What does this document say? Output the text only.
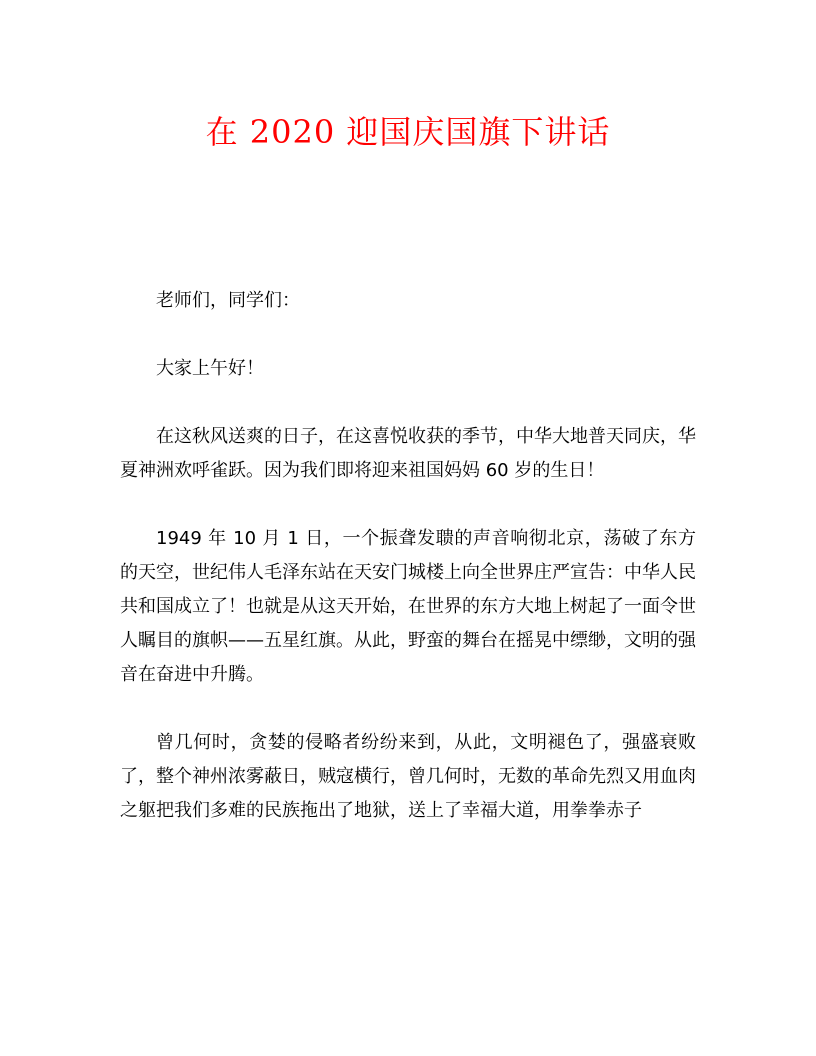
在 2020 迎国庆国旗下讲话

老师们，同学们：

大家上午好！

在这秋风送爽的日子，在这喜悦收获的季节，中华大地普天同庆，华夏神洲欢呼雀跃。因为我们即将迎来祖国妈妈 60 岁的生日！

1949 年 10 月 1 日，一个振聋发聩的声音响彻北京，荡破了东方的天空，世纪伟人毛泽东站在天安门城楼上向全世界庄严宣告：中华人民共和国成立了！也就是从这天开始，在世界的东方大地上树起了一面令世人瞩目的旗帜——五星红旗。从此，野蛮的舞台在摇晃中缥缈，文明的强音在奋进中升腾。

曾几何时，贪婪的侵略者纷纷来到，从此，文明褪色了，强盛衰败了，整个神州浓雾蔽日，贼寇横行，曾几何时，无数的革命先烈又用血肉之躯把我们多难的民族拖出了地狱，送上了幸福大道，用拳拳赤子
